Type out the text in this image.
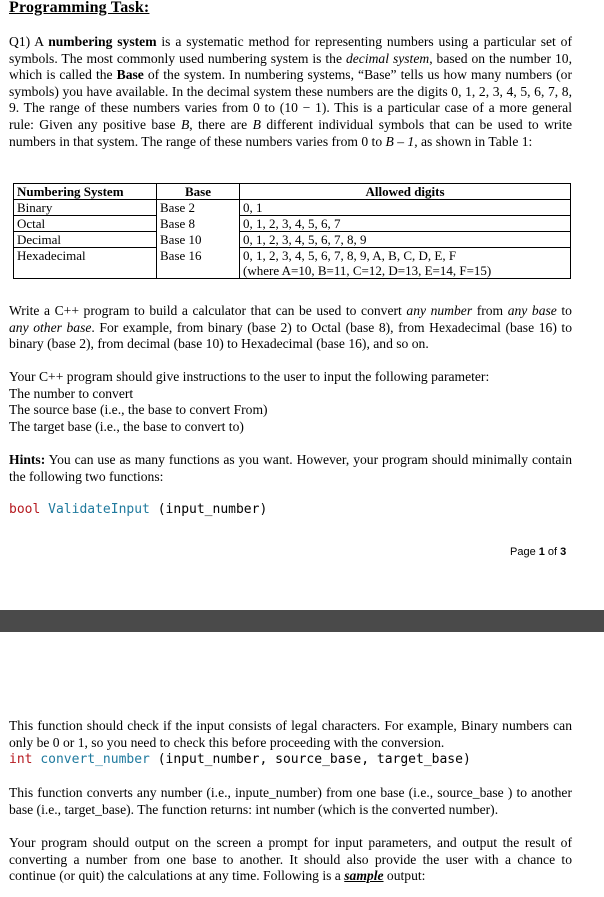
Programming Task:
Q1) A numbering system is a systematic method for representing numbers using a particular set of symbols. The most commonly used numbering system is the decimal system, based on the number 10, which is called the Base of the system. In numbering systems, “Base” tells us how many numbers (or symbols) you have available. In the decimal system these numbers are the digits 0, 1, 2, 3, 4, 5, 6, 7, 8, 9. The range of these numbers varies from 0 to (10 − 1). This is a particular case of a more general rule: Given any positive base B, there are B different individual symbols that can be used to write numbers in that system. The range of these numbers varies from 0 to B – 1, as shown in Table 1:
Numbering System	Base	Allowed digits
Binary	Base 2	0, 1
Octal	Base 8	0, 1, 2, 3, 4, 5, 6, 7
Decimal	Base 10	0, 1, 2, 3, 4, 5, 6, 7, 8, 9
Hexadecimal	Base 16	0, 1, 2, 3, 4, 5, 6, 7, 8, 9, A, B, C, D, E, F
(where A=10, B=11, C=12, D=13, E=14, F=15)
Write a C++ program to build a calculator that can be used to convert any number from any base to any other base. For example, from binary (base 2) to Octal (base 8), from Hexadecimal (base 16) to binary (base 2), from decimal (base 10) to Hexadecimal (base 16), and so on.
Your C++ program should give instructions to the user to input the following parameter:
The number to convert
The source base (i.e., the base to convert From)
The target base (i.e., the base to convert to)
Hints: You can use as many functions as you want. However, your program should minimally contain the following two functions:
bool ValidateInput (input_number)
Page 1 of 3
This function should check if the input consists of legal characters. For example, Binary numbers can only be 0 or 1, so you need to check this before proceeding with the conversion.
int convert_number (input_number, source_base, target_base)
This function converts any number (i.e., inpute_number) from one base (i.e., source_base ) to another base (i.e., target_base). The function returns: int number (which is the converted number).
Your program should output on the screen a prompt for input parameters, and output the result of converting a number from one base to another. It should also provide the user with a chance to continue (or quit) the calculations at any time. Following is a sample output:
